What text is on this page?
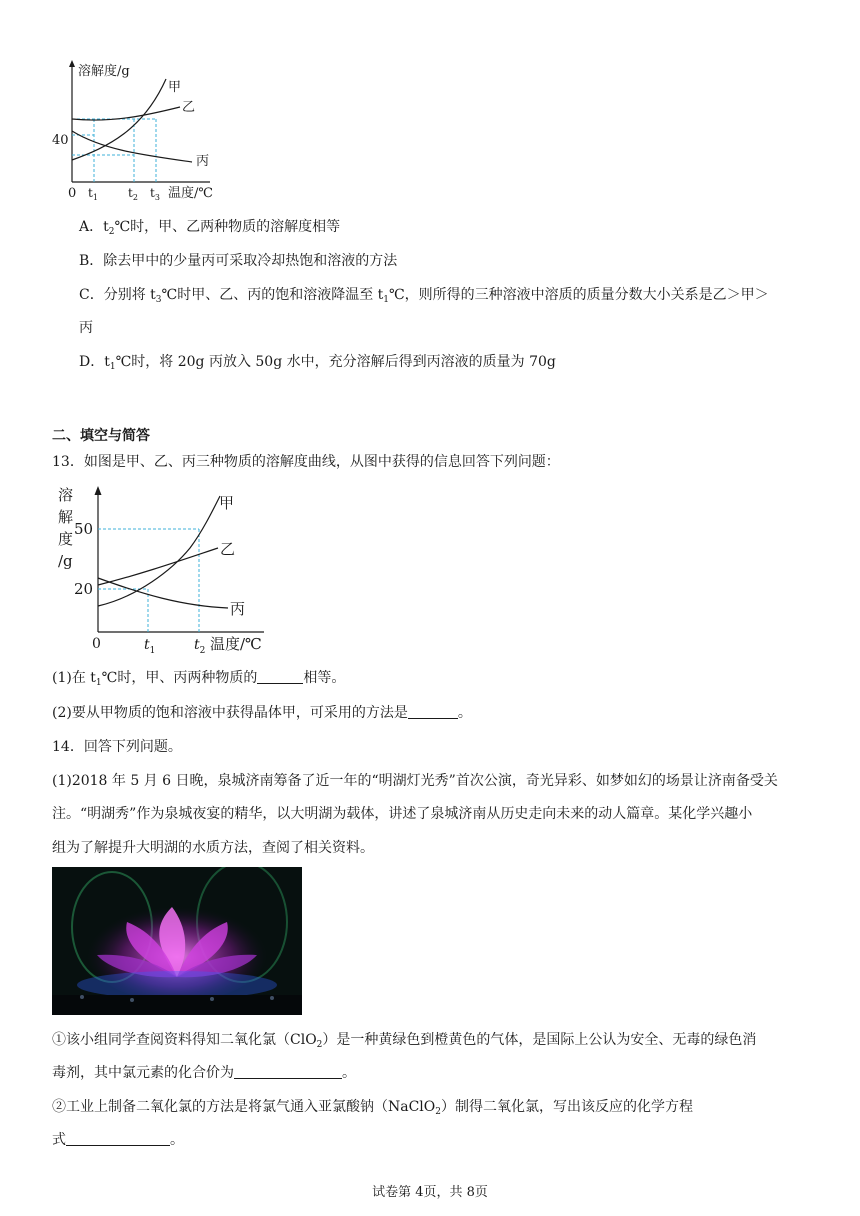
溶解度/g
40
0 $t_1$	$t_2$ $t_3$ 温度/℃
甲
乙
丙
A．$t_2℃$时，甲、乙两种物质的溶解度相等
B．除去甲中的少量丙可采取冷却热饱和溶液的方法
C．分别将 $t_3℃$时甲、乙、丙的饱和溶液降温至 $t_1℃$，则所得的三种溶液中溶质的质量分数大小关系是乙＞甲＞
丙
D．$t_1℃$时，将 20g 丙放入 50g 水中，充分溶解后得到丙溶液的质量为 70g
二、填空与简答
13．如图是甲、乙、丙三种物质的溶解度曲线，从图中获得的信息回答下列问题：
溶
解
度
/g
50
20
0	$t_1$	$t_2$ 温度/℃
甲
乙
丙
(1)在 $t_1℃$时，甲、丙两种物质的	相等。
(2)要从甲物质的饱和溶液中获得晶体甲，可采用的方法是	。
14．回答下列问题。
(1)2018 年 5 月 6 日晚，泉城济南筹备了近一年的“明湖灯光秀”首次公演，奇光异彩、如梦如幻的场景让济南备受关
注。“明湖秀”作为泉城夜宴的精华，以大明湖为载体，讲述了泉城济南从历史走向未来的动人篇章。某化学兴趣小
组为了解提升大明湖的水质方法，查阅了相关资料。
①该小组同学查阅资料得知二氧化氯（ClO$_2$）是一种黄绿色到橙黄色的气体，是国际上公认为安全、无毒的绿色消
毒剂，其中氯元素的化合价为	。
②工业上制备二氧化氯的方法是将氯气通入亚氯酸钠（NaClO$_2$）制得二氧化氯，写出该反应的化学方程
式	。
试卷第 4页，共 8页
